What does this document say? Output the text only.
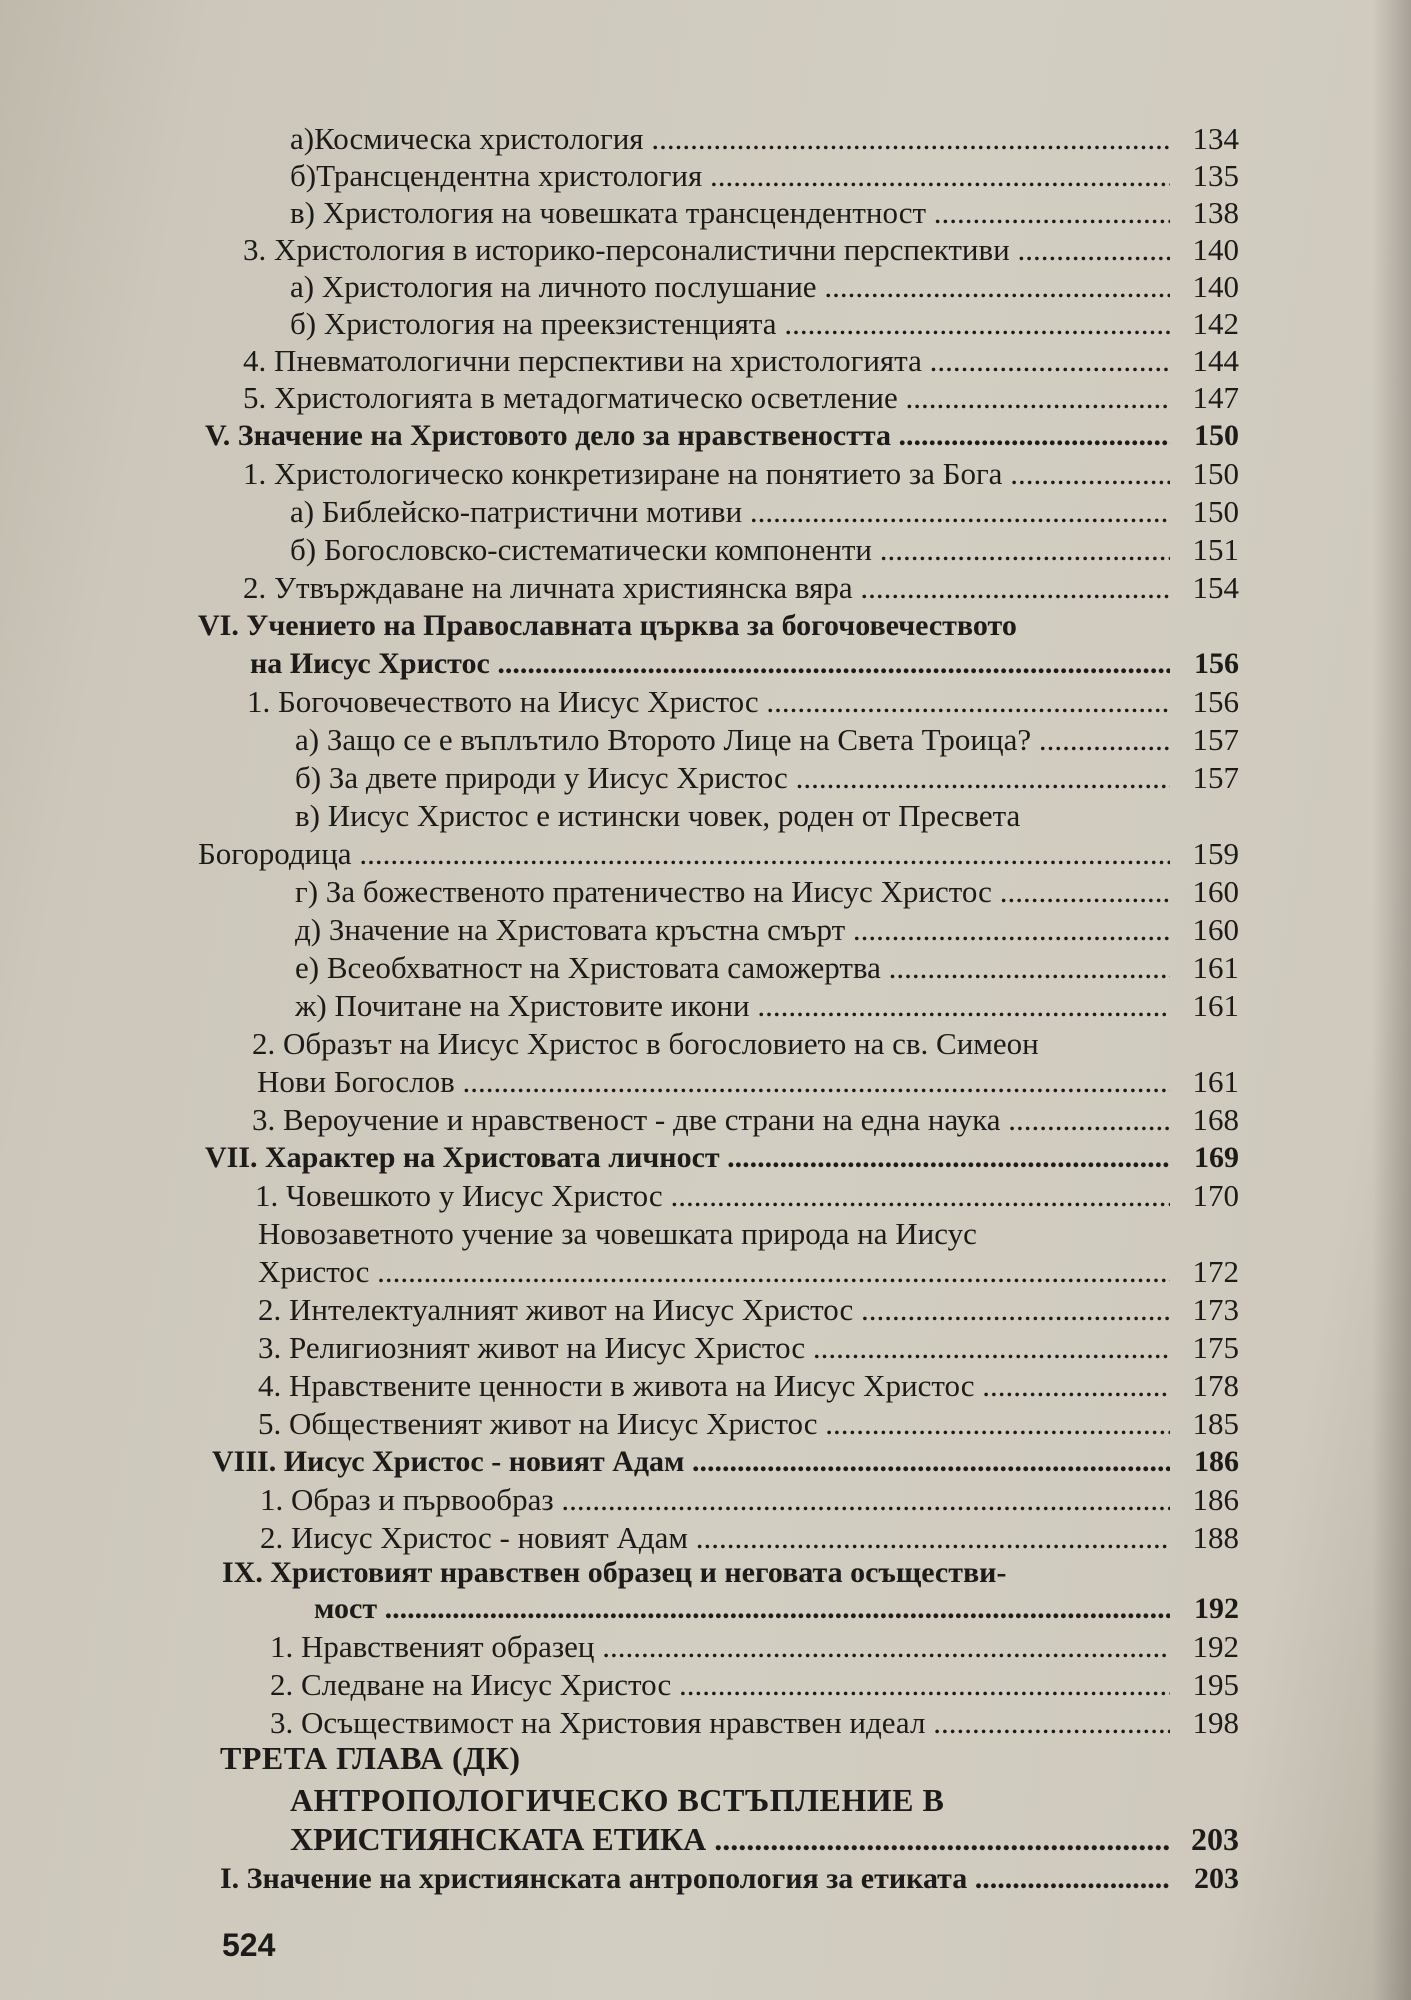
а)Космическа христология .....	134
б)Трансцендентна христология .....	135
в) Христология на човешката трансцендентност .....	138
3. Христология в историко-персоналистични перспективи .....	140
а) Христология на личното послушание .....	140
б) Христология на преекзистенцията .....	142
4. Пневматологични перспективи на христологията .....	144
5. Христологията в метадогматическо осветление .....	147
V. Значение на Христовото дело за нравствеността .....	150
1. Христологическо конкретизиране на понятието за Бога .....	150
а) Библейско-патристични мотиви .....	150
б) Богословско-систематически компоненти .....	151
2. Утвърждаване на личната християнска вяра .....	154
VI. Учението на Православната църква за богочовечеството
на Иисус Христос .....	156
1. Богочовечеството на Иисус Христос .....	156
а) Защо се е въплътило Второто Лице на Света Троица? .....	157
б) За двете природи у Иисус Христос .....	157
в) Иисус Христос е истински човек, роден от Пресвета
Богородица .....	159
г) За божественото пратеничество на Иисус Христос .....	160
д) Значение на Христовата кръстна смърт .....	160
е) Всеобхватност на Христовата саможертва .....	161
ж) Почитане на Христовите икони .....	161
2. Образът на Иисус Христос в богословието на св. Симеон
Нови Богослов .....	161
3. Вероучение и нравственост - две страни на една наука .....	168
VII. Характер на Христовата личност .....	169
1. Човешкото у Иисус Христос .....	170
Новозаветното учение за човешката природа на Иисус
Христос .....	172
2. Интелектуалният живот на Иисус Христос .....	173
3. Религиозният живот на Иисус Христос .....	175
4. Нравствените ценности в живота на Иисус Христос .....	178
5. Общественият живот на Иисус Христос .....	185
VIII. Иисус Христос - новият Адам .....	186
1. Образ и първообраз .....	186
2. Иисус Христос - новият Адам .....	188
IX. Христовият нравствен образец и неговата осъществи-
мост .....	192
1. Нравственият образец .....	192
2. Следване на Иисус Христос .....	195
3. Осъществимост на Христовия нравствен идеал .....	198
ТРЕТА ГЛАВА (ДК)
АНТРОПОЛОГИЧЕСКО ВСТЪПЛЕНИЕ В
ХРИСТИЯНСКАТА ЕТИКА .....	203
I. Значение на християнската антропология за етиката .....	203
524
